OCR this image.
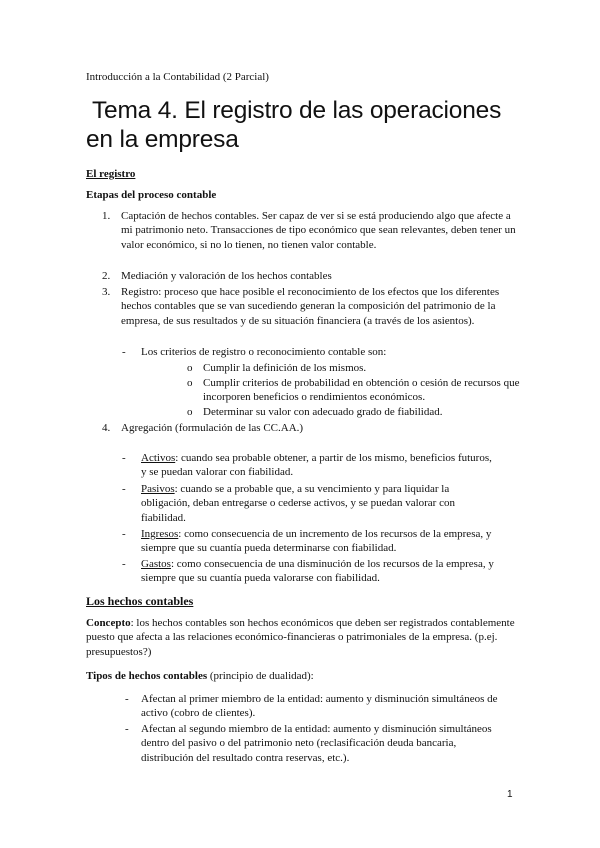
Introducción a la Contabilidad (2 Parcial)
Tema 4. El registro de las operaciones
en la empresa
El registro
Etapas del proceso contable
1. Captación de hechos contables. Ser capaz de ver si se está produciendo algo que afecte a mi patrimonio neto. Transacciones de tipo económico que sean relevantes, deben tener un valor económico, si no lo tienen, no tienen valor contable.
2. Mediación y valoración de los hechos contables
3. Registro: proceso que hace posible el reconocimiento de los efectos que los diferentes hechos contables que se van sucediendo generan la composición del patrimonio de la empresa, de sus resultados y de su situación financiera (a través de los asientos).
- Los criterios de registro o reconocimiento contable son:
o Cumplir la definición de los mismos.
o Cumplir criterios de probabilidad en obtención o cesión de recursos que incorporen beneficios o rendimientos económicos.
o Determinar su valor con adecuado grado de fiabilidad.
4. Agregación (formulación de las CC.AA.)
- Activos: cuando sea probable obtener, a partir de los mismo, beneficios futuros, y se puedan valorar con fiabilidad.
- Pasivos: cuando se a probable que, a su vencimiento y para liquidar la obligación, deban entregarse o cederse activos, y se puedan valorar con fiabilidad.
- Ingresos: como consecuencia de un incremento de los recursos de la empresa, y siempre que su cuantía pueda determinarse con fiabilidad.
- Gastos: como consecuencia de una disminución de los recursos de la empresa, y siempre que su cuantía pueda valorarse con fiabilidad.
Los hechos contables
Concepto: los hechos contables son hechos económicos que deben ser registrados contablemente puesto que afecta a las relaciones económico-financieras o patrimoniales de la empresa. (p.ej. presupuestos?)
Tipos de hechos contables (principio de dualidad):
- Afectan al primer miembro de la entidad: aumento y disminución simultáneos de activo (cobro de clientes).
- Afectan al segundo miembro de la entidad: aumento y disminución simultáneos dentro del pasivo o del patrimonio neto (reclasificación deuda bancaria, distribución del resultado contra reservas, etc.).
1
